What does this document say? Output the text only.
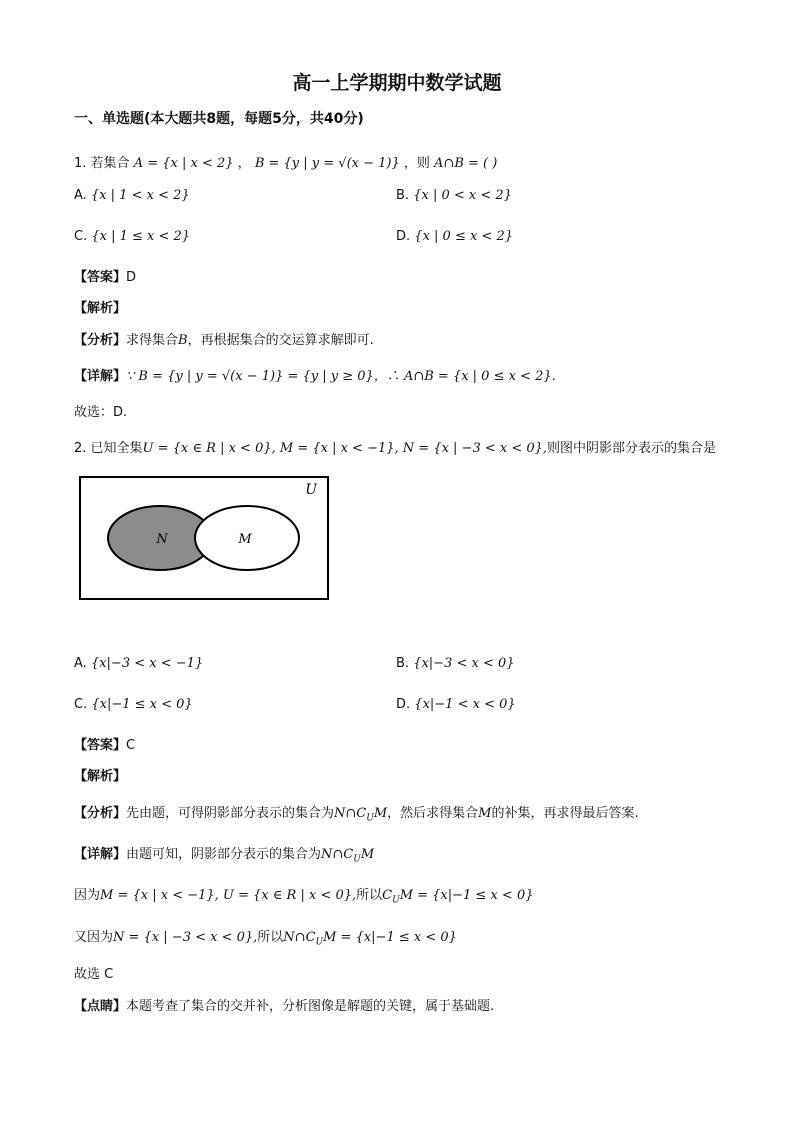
高一上学期期中数学试题
一、单选题(本大题共8题，每题5分，共40分)
1. 若集合 A = {x | x < 2} ， B = {y | y = √(x − 1)} ，则 A∩B = ( )
A. {x | 1 < x < 2}	B. {x | 0 < x < 2}
C. {x | 1 ≤ x < 2}	D. {x | 0 ≤ x < 2}
【答案】D
【解析】
【分析】求得集合B，再根据集合的交运算求解即可.
【详解】∵ B = {y | y = √(x − 1)} = {y | y ≥ 0}，∴ A∩B = {x | 0 ≤ x < 2}.
故选：D.
2. 已知全集U = {x ∈ R | x < 0}, M = {x | x < −1}, N = {x | −3 < x < 0},则图中阴影部分表示的集合是
U
N	M
A. {x|−3 < x < −1}	B. {x|−3 < x < 0}
C. {x|−1 ≤ x < 0}	D. {x|−1 < x < 0}
【答案】C
【解析】
【分析】先由题，可得阴影部分表示的集合为$N\cap C_UM$，然后求得集合M的补集，再求得最后答案.
【详解】由题可知，阴影部分表示的集合为$N\cap C_UM$
因为M = {x | x < −1}, U = {x ∈ R | x < 0},所以$C_UM = \{x|-1 \le x < 0\}$
又因为N = {x | −3 < x < 0},所以$N\cap C_UM = \{x|-1 \le x < 0\}$
故选 C
【点睛】本题考查了集合的交并补，分析图像是解题的关键，属于基础题.
